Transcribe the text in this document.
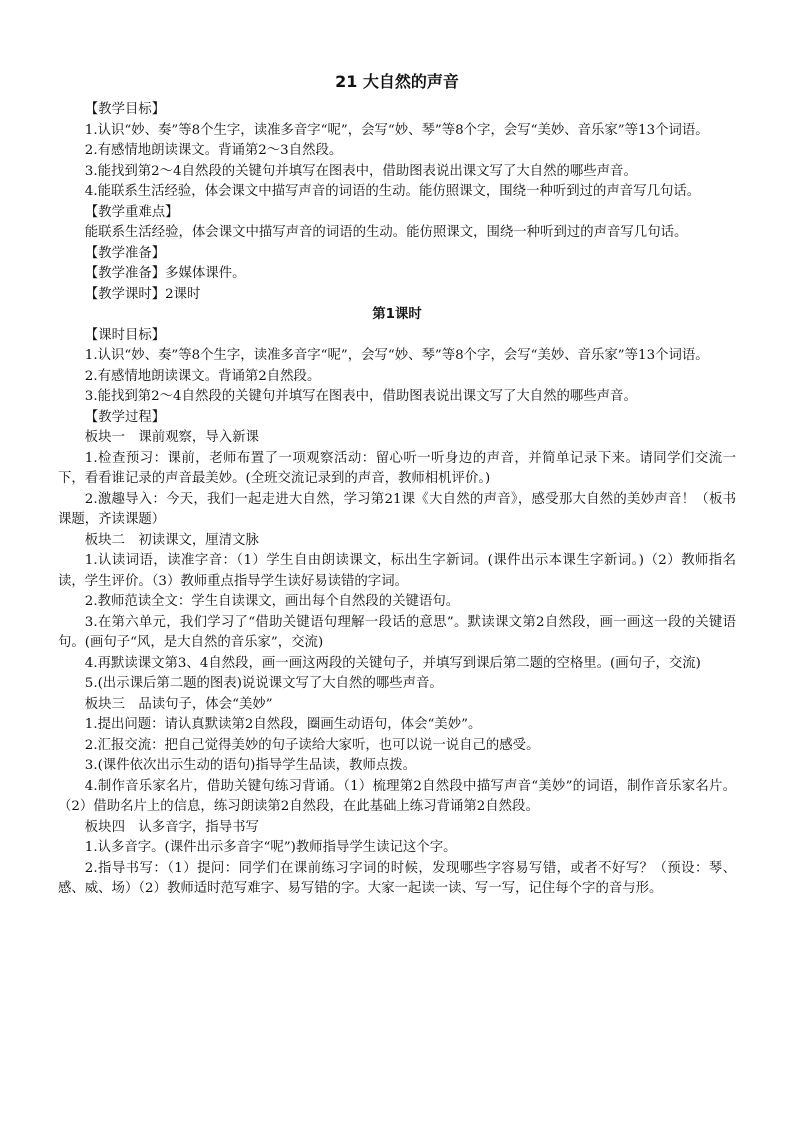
21 大自然的声音

【教学目标】

1.认识“妙、奏”等8个生字，读准多音字“呢”，会写“妙、琴”等8个字，会写“美妙、音乐家”等13个词语。

2.有感情地朗读课文。背诵第2～3自然段。

3.能找到第2～4自然段的关键句并填写在图表中，借助图表说出课文写了大自然的哪些声音。

4.能联系生活经验，体会课文中描写声音的词语的生动。能仿照课文，围绕一种听到过的声音写几句话。

【教学重难点】

能联系生活经验，体会课文中描写声音的词语的生动。能仿照课文，围绕一种听到过的声音写几句话。

【教学准备】

【教学准备】多媒体课件。

【教学课时】2课时

第1课时

【课时目标】

1.认识“妙、奏”等8个生字，读准多音字“呢”，会写“妙、琴”等8个字，会写“美妙、音乐家”等13个词语。

2.有感情地朗读课文。背诵第2自然段。

3.能找到第2～4自然段的关键句并填写在图表中，借助图表说出课文写了大自然的哪些声音。

【教学过程】

板块一　课前观察，导入新课

1.检查预习：课前，老师布置了一项观察活动：留心听一听身边的声音，并简单记录下来。请同学们交流一下，看看谁记录的声音最美妙。(全班交流记录到的声音，教师相机评价。)

2.激趣导入：今天，我们一起走进大自然，学习第21课《大自然的声音》，感受那大自然的美妙声音！（板书课题，齐读课题）

板块二　初读课文，厘清文脉

1.认读词语，读准字音：（1）学生自由朗读课文，标出生字新词。(课件出示本课生字新词。)（2）教师指名读，学生评价。（3）教师重点指导学生读好易读错的字词。

2.教师范读全文：学生自读课文，画出每个自然段的关键语句。

3.在第六单元，我们学习了“借助关键语句理解一段话的意思”。默读课文第2自然段，画一画这一段的关键语句。(画句子“风，是大自然的音乐家”，交流)

4.再默读课文第3、4自然段，画一画这两段的关键句子，并填写到课后第二题的空格里。(画句子，交流)

5.(出示课后第二题的图表)说说课文写了大自然的哪些声音。

板块三　品读句子，体会“美妙”

1.提出问题：请认真默读第2自然段，圈画生动语句，体会“美妙”。

2.汇报交流：把自己觉得美妙的句子读给大家听，也可以说一说自己的感受。

3.(课件依次出示生动的语句)指导学生品读，教师点拨。

4.制作音乐家名片，借助关键句练习背诵。（1）梳理第2自然段中描写声音“美妙”的词语，制作音乐家名片。（2）借助名片上的信息，练习朗读第2自然段，在此基础上练习背诵第2自然段。

板块四　认多音字，指导书写

1.认多音字。(课件出示多音字“呢”)教师指导学生读记这个字。

2.指导书写：（1）提问：同学们在课前练习字词的时候，发现哪些字容易写错，或者不好写？（预设：琴、感、威、场）（2）教师适时范写难字、易写错的字。大家一起读一读、写一写，记住每个字的音与形。
